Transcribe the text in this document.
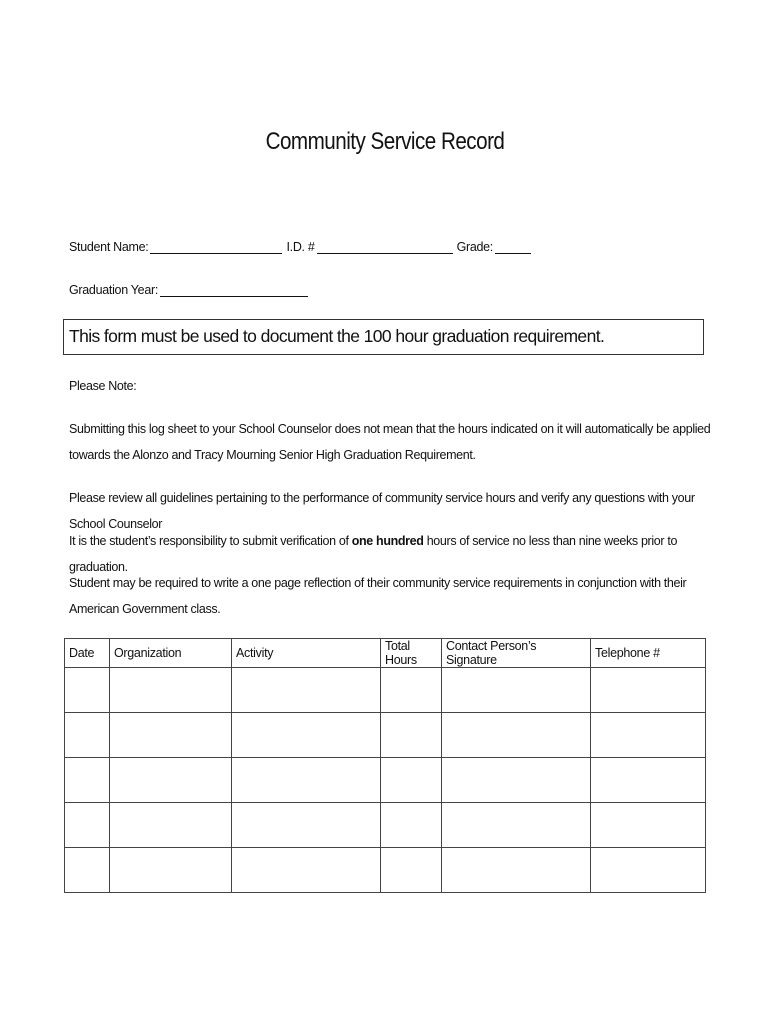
Community Service Record
Student Name:	I.D. #	Grade:
Graduation Year:
This form must be used to document the 100 hour graduation requirement.
Please Note:
Submitting this log sheet to your School Counselor does not mean that the hours indicated on it will automatically be applied towards the Alonzo and Tracy Mourning Senior High Graduation Requirement.
Please review all guidelines pertaining to the performance of community service hours and verify any questions with your School Counselor
It is the student’s responsibility to submit verification of one hundred hours of service no less than nine weeks prior to graduation.
Student may be required to write a one page reflection of their community service requirements in conjunction with their American Government class.
Date	Organization	Activity	Total Hours	Contact Person’s Signature	Telephone #
